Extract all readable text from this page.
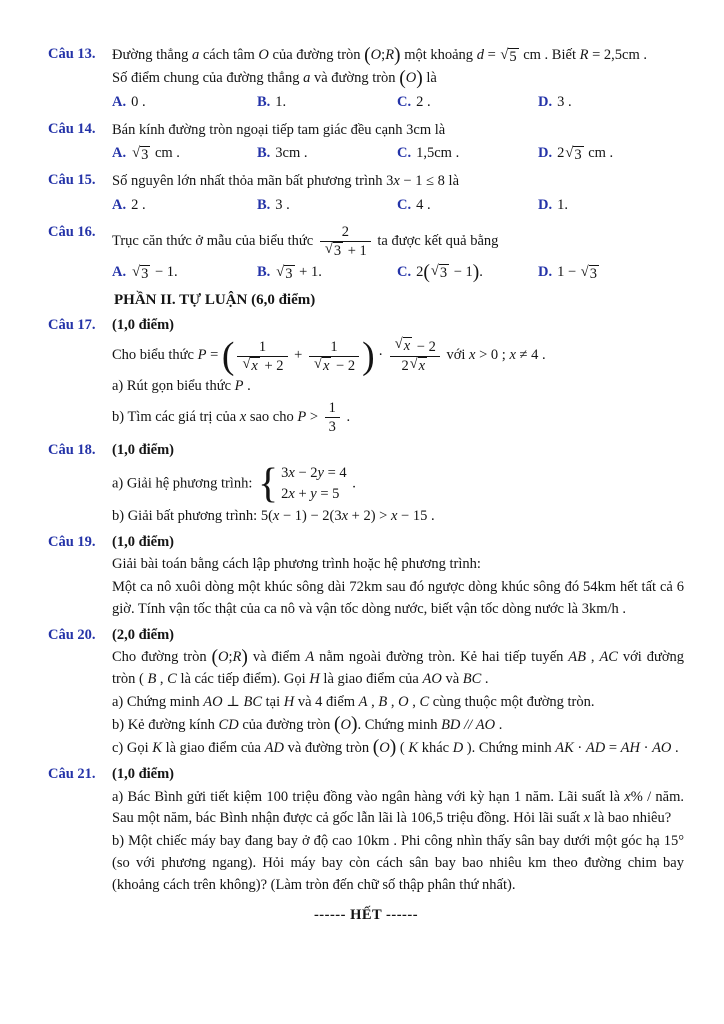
Câu 13.	Đường thẳng a cách tâm O của đường tròn ( O ; R ) một khoảng d = √ 5 cm . Biết R = 2,5cm .
Số điểm chung của đường thẳng a và đường tròn ( O ) là
A. 0 .	B. 1.	C. 2 .	D. 3 .
Câu 14.	Bán kính đường tròn ngoại tiếp tam giác đều cạnh 3cm là
A. √ 3 cm .	B. 3cm .	C. 1,5cm .	D. 2 √ 3 cm .
Câu 15.	Số nguyên lớn nhất thỏa mãn bất phương trình 3x − 1 ≤ 8 là
A. 2 .	B. 3 .	C. 4 .	D. 1.
Câu 16.
Trục căn thức ở mẫu của biểu thức $\frac{2}{√ 3 + 1}$ ta được kết quả bằng
A. √ 3 − 1.	B. √ 3 + 1.	C. 2 ( √ 3 − 1 ) .	D. 1 − √ 3
PHẦN II. TỰ LUẬN (6,0 điểm)
Câu 17.	(1,0 điểm)
Cho biểu thức P = ( $\frac{1}{√ x + 2} + \frac{1}{√ x - 2}$ ) · $\frac{√ x - 2}{2 √ x}$ với x > 0 ; x ≠ 4 .
a) Rút gọn biểu thức P .
b) Tìm các giá trị của x sao cho $P > \frac{1}{3}$ .
Câu 18.	(1,0 điểm)
a) Giải hệ phương trình: { 3x − 2y = 4
2x + y = 5
.
b) Giải bất phương trình: 5(x − 1) − 2(3x + 2) > x − 15 .
Câu 19.	(1,0 điểm)
Giải bài toán bằng cách lập phương trình hoặc hệ phương trình:
Một ca nô xuôi dòng một khúc sông dài 72km sau đó ngược dòng khúc sông đó 54km hết tất cả 6 giờ. Tính vận tốc thật của ca nô và vận tốc dòng nước, biết vận tốc dòng nước là 3km/h .
Câu 20.	(2,0 điểm)
Cho đường tròn ( O ; R ) và điểm A nằm ngoài đường tròn. Kẻ hai tiếp tuyến AB , AC với đường tròn ( B , C là các tiếp điểm). Gọi H là giao điểm của AO và BC .
a) Chứng minh AO ⊥ BC tại H và 4 điểm A , B , O , C cùng thuộc một đường tròn.
b) Kẻ đường kính CD của đường tròn ( O ) . Chứng minh BD // AO .
c) Gọi K là giao điểm của AD và đường tròn ( O ) ( K khác D ). Chứng minh AK · AD = AH · AO .
Câu 21.	(1,0 điểm)
a) Bác Bình gửi tiết kiệm 100 triệu đồng vào ngân hàng với kỳ hạn 1 năm. Lãi suất là x% / năm. Sau một năm, bác Bình nhận được cả gốc lẫn lãi là 106,5 triệu đồng. Hỏi lãi suất x là bao nhiêu?
b) Một chiếc máy bay đang bay ở độ cao 10km . Phi công nhìn thấy sân bay dưới một góc hạ 15° (so với phương ngang). Hỏi máy bay còn cách sân bay bao nhiêu km theo đường chim bay (khoảng cách trên không)? (Làm tròn đến chữ số thập phân thứ nhất).
------ HẾT ------
